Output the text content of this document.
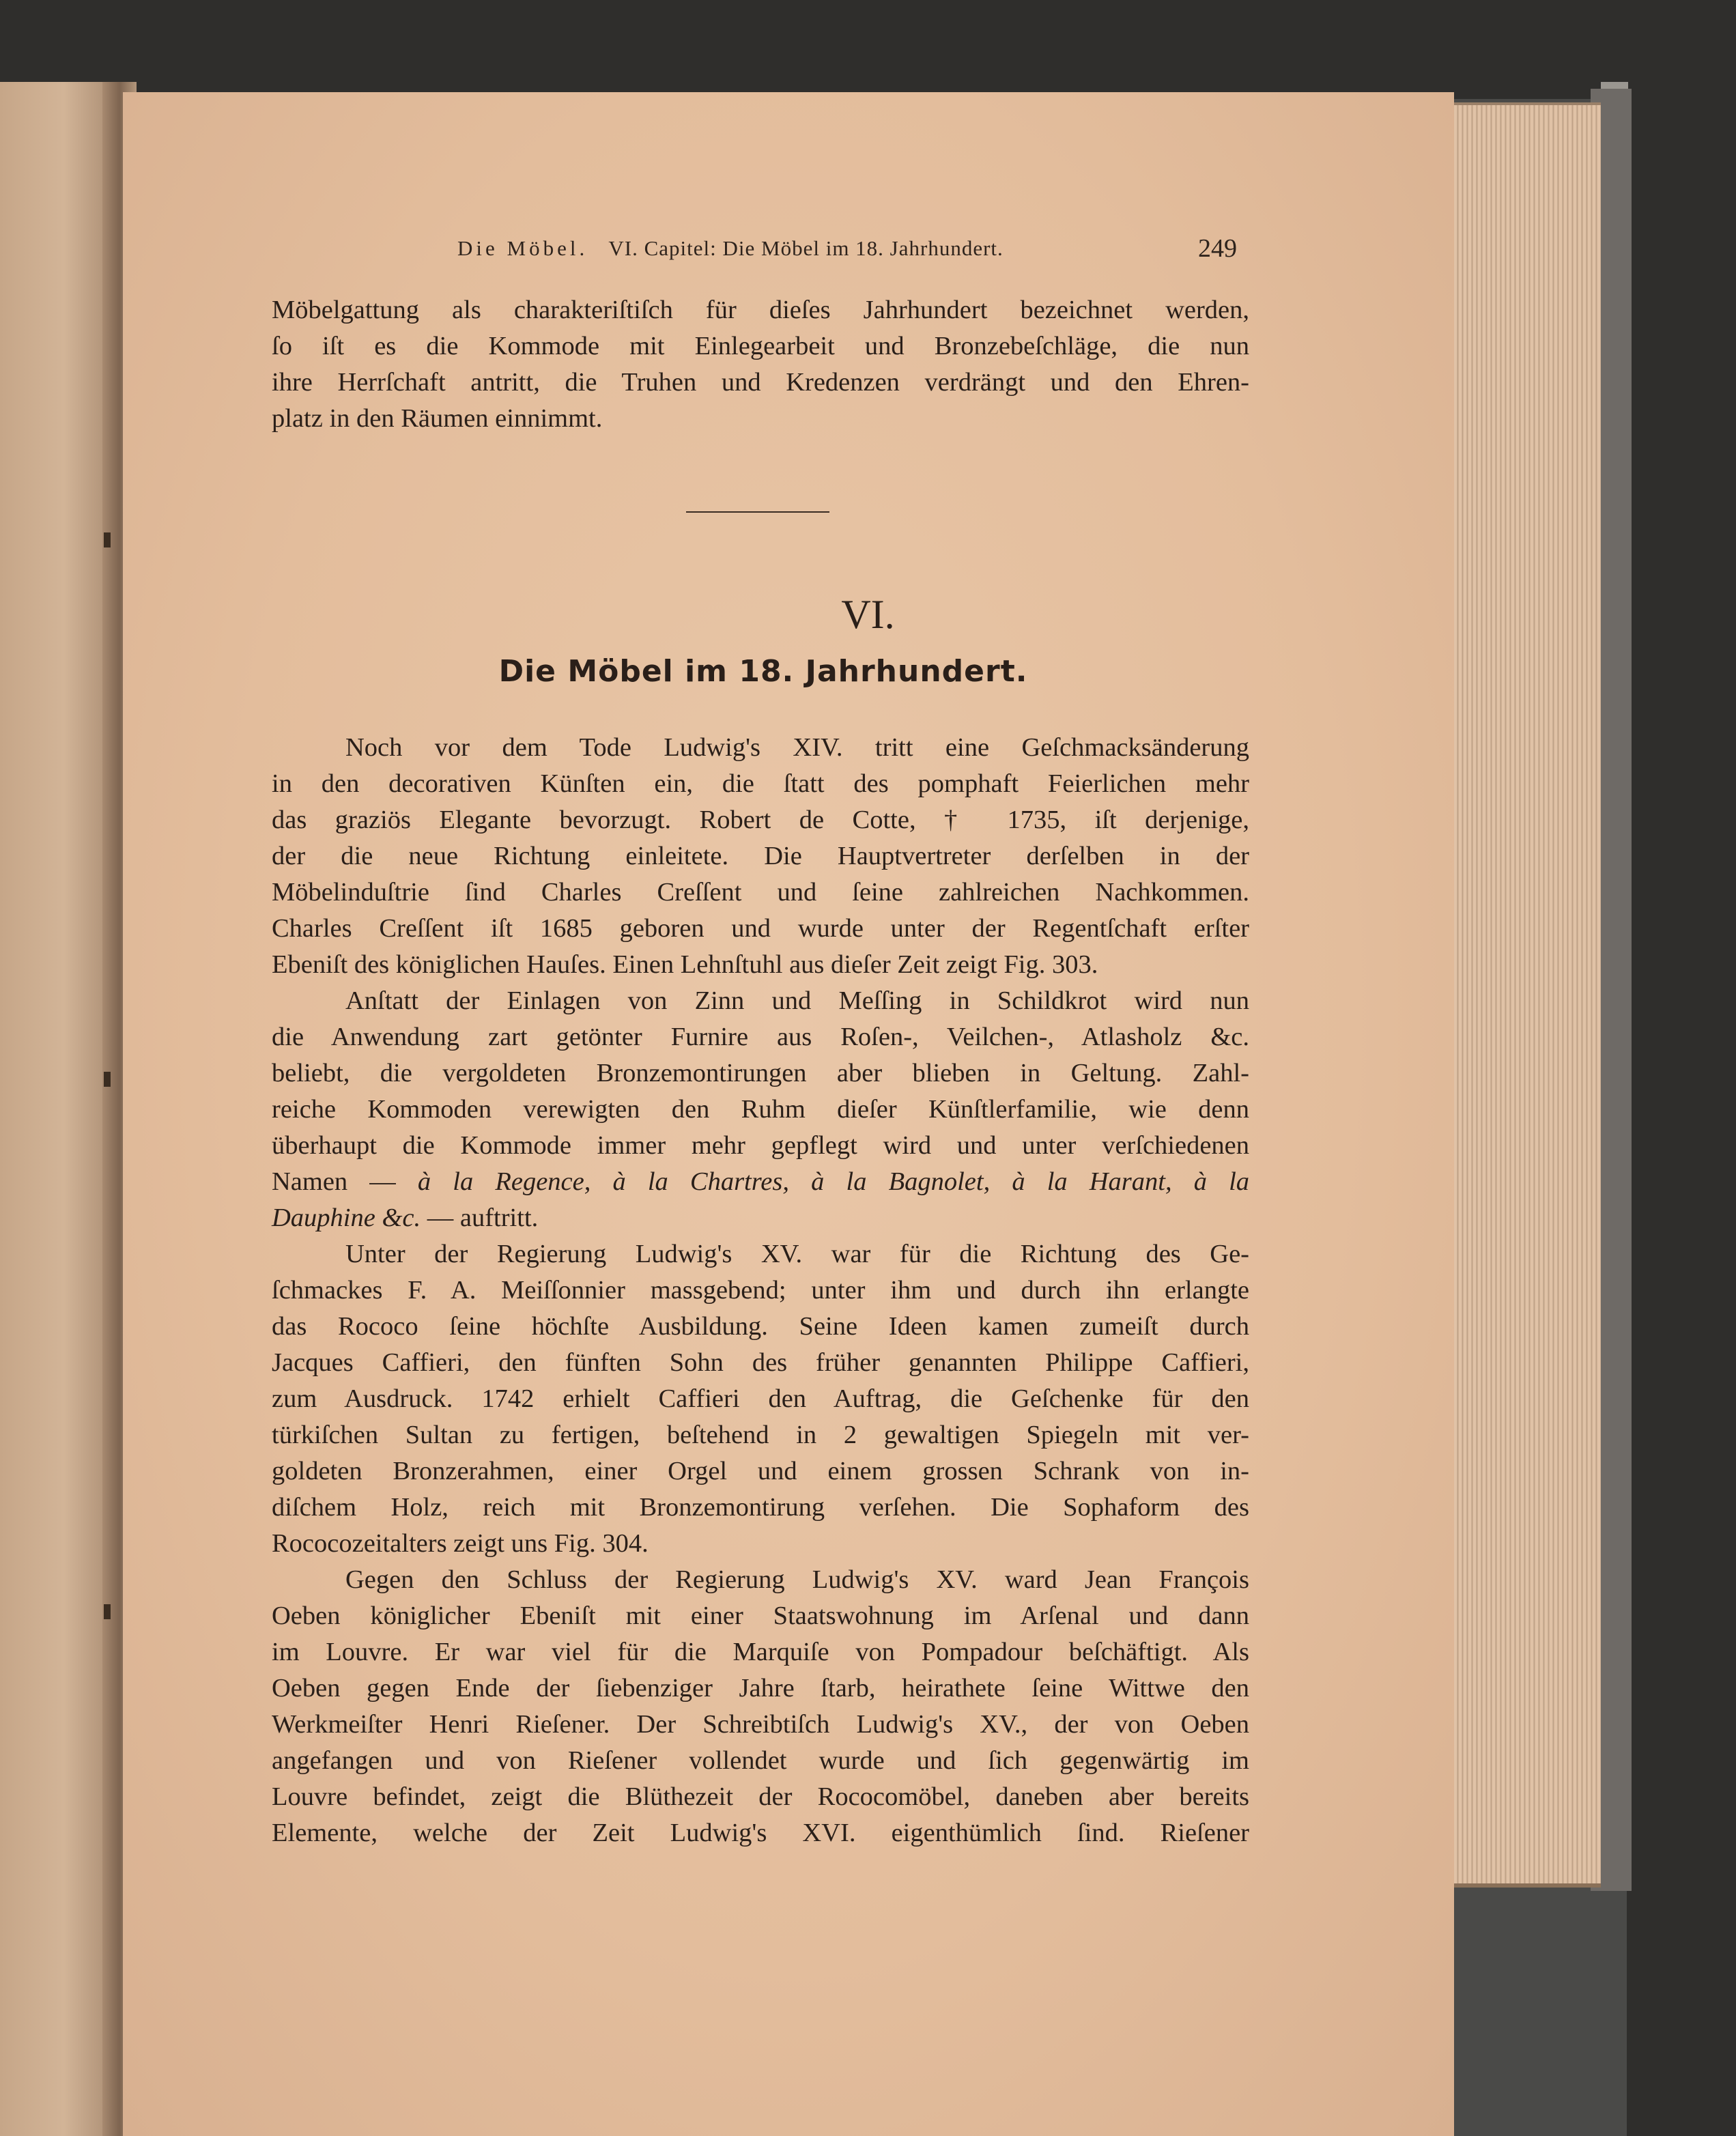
Die Möbel. VI. Capitel: Die Möbel im 18. Jahrhundert.	249
Möbelgattung als charakteriſtiſch für dieſes Jahrhundert bezeichnet werden,
ſo iſt es die Kommode mit Einlegearbeit und Bronzebeſchläge, die nun
ihre Herrſchaft antritt, die Truhen und Kredenzen verdrängt und den Ehren-
platz in den Räumen einnimmt.
VI.
Die Möbel im 18. Jahrhundert.
Noch vor dem Tode Ludwig's XIV. tritt eine Geſchmacksänderung
in den decorativen Künſten ein, die ſtatt des pomphaft Feierlichen mehr
das graziös Elegante bevorzugt. Robert de Cotte, † 1735, iſt derjenige,
der die neue Richtung einleitete. Die Hauptvertreter derſelben in der
Möbelinduſtrie ſind Charles Creſſent und ſeine zahlreichen Nachkommen.
Charles Creſſent iſt 1685 geboren und wurde unter der Regentſchaft erſter
Ebeniſt des königlichen Hauſes. Einen Lehnſtuhl aus dieſer Zeit zeigt Fig. 303.
Anſtatt der Einlagen von Zinn und Meſſing in Schildkrot wird nun
die Anwendung zart getönter Furnire aus Roſen-, Veilchen-, Atlasholz &c.
beliebt, die vergoldeten Bronzemontirungen aber blieben in Geltung. Zahl-
reiche Kommoden verewigten den Ruhm dieſer Künſtlerfamilie, wie denn
überhaupt die Kommode immer mehr gepflegt wird und unter verſchiedenen
Namen — à la Regence, à la Chartres, à la Bagnolet, à la Harant, à la
Dauphine &c. — auftritt.
Unter der Regierung Ludwig's XV. war für die Richtung des Ge-
ſchmackes F. A. Meiſſonnier massgebend; unter ihm und durch ihn erlangte
das Rococo ſeine höchſte Ausbildung. Seine Ideen kamen zumeiſt durch
Jacques Caffieri, den fünften Sohn des früher genannten Philippe Caffieri,
zum Ausdruck. 1742 erhielt Caffieri den Auftrag, die Geſchenke für den
türkiſchen Sultan zu fertigen, beſtehend in 2 gewaltigen Spiegeln mit ver-
goldeten Bronzerahmen, einer Orgel und einem grossen Schrank von in-
diſchem Holz, reich mit Bronzemontirung verſehen. Die Sophaform des
Rococozeitalters zeigt uns Fig. 304.
Gegen den Schluss der Regierung Ludwig's XV. ward Jean François
Oeben königlicher Ebeniſt mit einer Staatswohnung im Arſenal und dann
im Louvre. Er war viel für die Marquiſe von Pompadour beſchäftigt. Als
Oeben gegen Ende der ſiebenziger Jahre ſtarb, heirathete ſeine Wittwe den
Werkmeiſter Henri Rieſener. Der Schreibtiſch Ludwig's XV., der von Oeben
angefangen und von Rieſener vollendet wurde und ſich gegenwärtig im
Louvre befindet, zeigt die Blüthezeit der Rococomöbel, daneben aber bereits
Elemente, welche der Zeit Ludwig's XVI. eigenthümlich ſind. Rieſener
